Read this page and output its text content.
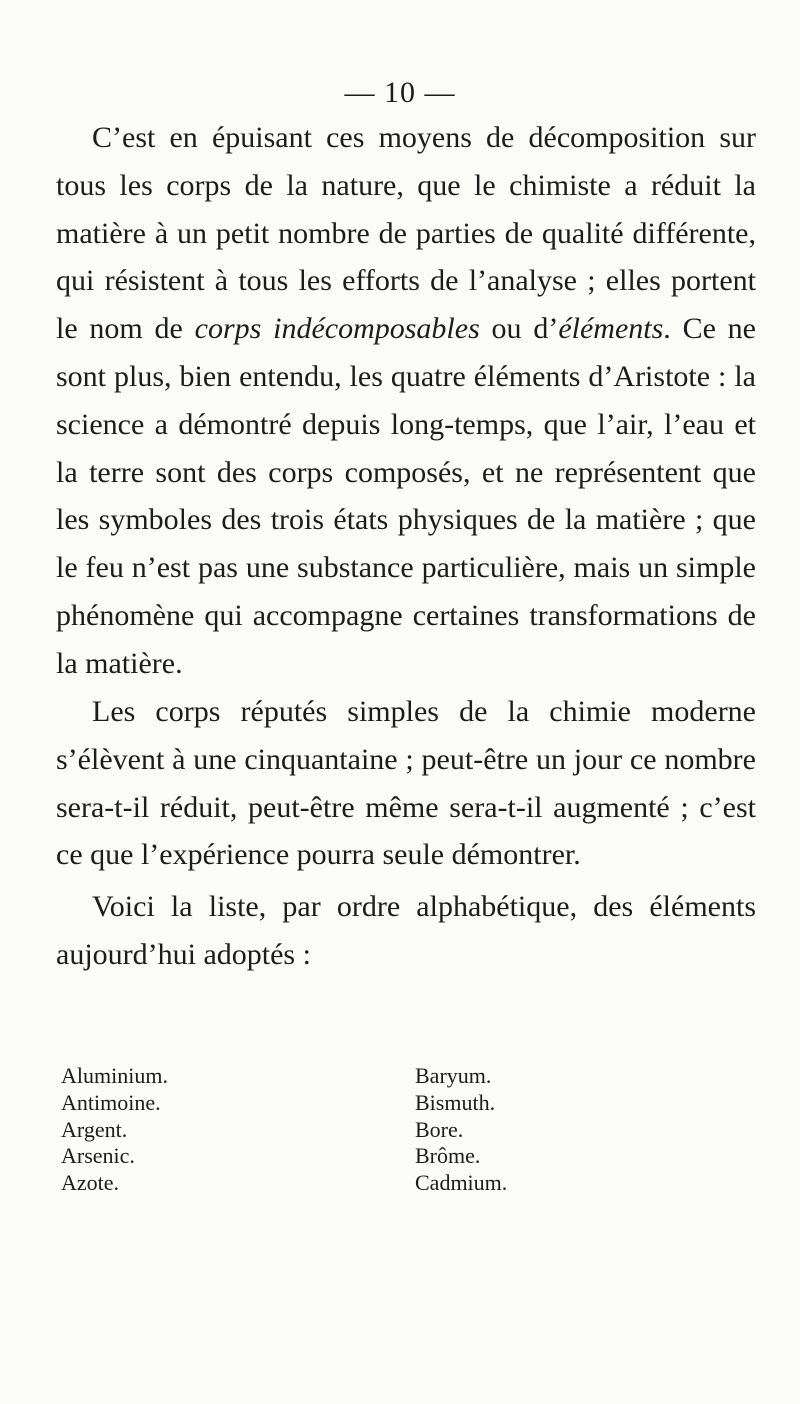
— 10 —

C’est en épuisant ces moyens de décomposition sur tous les corps de la nature, que le chimiste a réduit la matière à un petit nombre de parties de qualité différente, qui résistent à tous les efforts de l’analyse ; elles portent le nom de corps indécomposables ou d’éléments. Ce ne sont plus, bien entendu, les quatre éléments d’Aristote : la science a démontré depuis long-temps, que l’air, l’eau et la terre sont des corps composés, et ne représentent que les symboles des trois états physiques de la matière ; que le feu n’est pas une substance particulière, mais un simple phénomène qui accompagne certaines transformations de la matière.

Les corps réputés simples de la chimie moderne s’élèvent à une cinquantaine ; peut-être un jour ce nombre sera-t-il réduit, peut-être même sera-t-il augmenté ; c’est ce que l’expérience pourra seule démontrer.

Voici la liste, par ordre alphabétique, des éléments aujourd’hui adoptés :

Aluminium.
Antimoine.
Argent.
Arsenic.
Azote.
Baryum.
Bismuth.
Bore.
Brôme.
Cadmium.
